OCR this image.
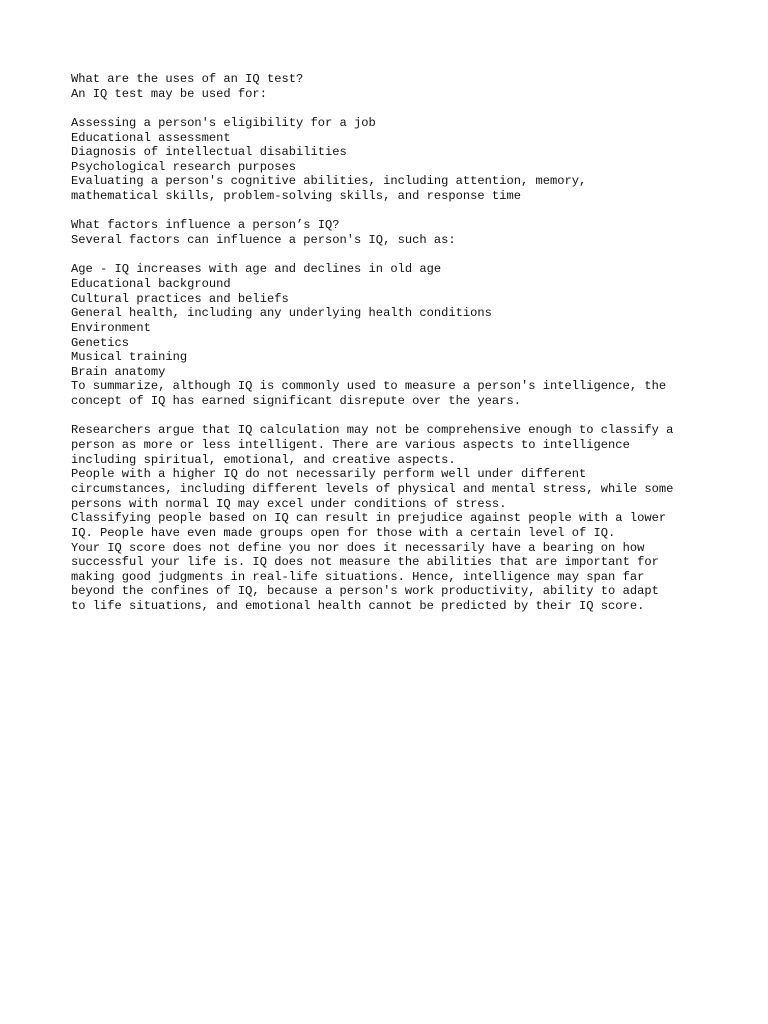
What are the uses of an IQ test?
An IQ test may be used for:
Assessing a person's eligibility for a job
Educational assessment
Diagnosis of intellectual disabilities
Psychological research purposes
Evaluating a person's cognitive abilities, including attention, memory,
mathematical skills, problem-solving skills, and response time
What factors influence a person’s IQ?
Several factors can influence a person's IQ, such as:
Age - IQ increases with age and declines in old age
Educational background
Cultural practices and beliefs
General health, including any underlying health conditions
Environment
Genetics
Musical training
Brain anatomy
To summarize, although IQ is commonly used to measure a person's intelligence, the
concept of IQ has earned significant disrepute over the years.
Researchers argue that IQ calculation may not be comprehensive enough to classify a
person as more or less intelligent. There are various aspects to intelligence
including spiritual, emotional, and creative aspects.
People with a higher IQ do not necessarily perform well under different
circumstances, including different levels of physical and mental stress, while some
persons with normal IQ may excel under conditions of stress.
Classifying people based on IQ can result in prejudice against people with a lower
IQ. People have even made groups open for those with a certain level of IQ.
Your IQ score does not define you nor does it necessarily have a bearing on how
successful your life is. IQ does not measure the abilities that are important for
making good judgments in real-life situations. Hence, intelligence may span far
beyond the confines of IQ, because a person's work productivity, ability to adapt
to life situations, and emotional health cannot be predicted by their IQ score.
